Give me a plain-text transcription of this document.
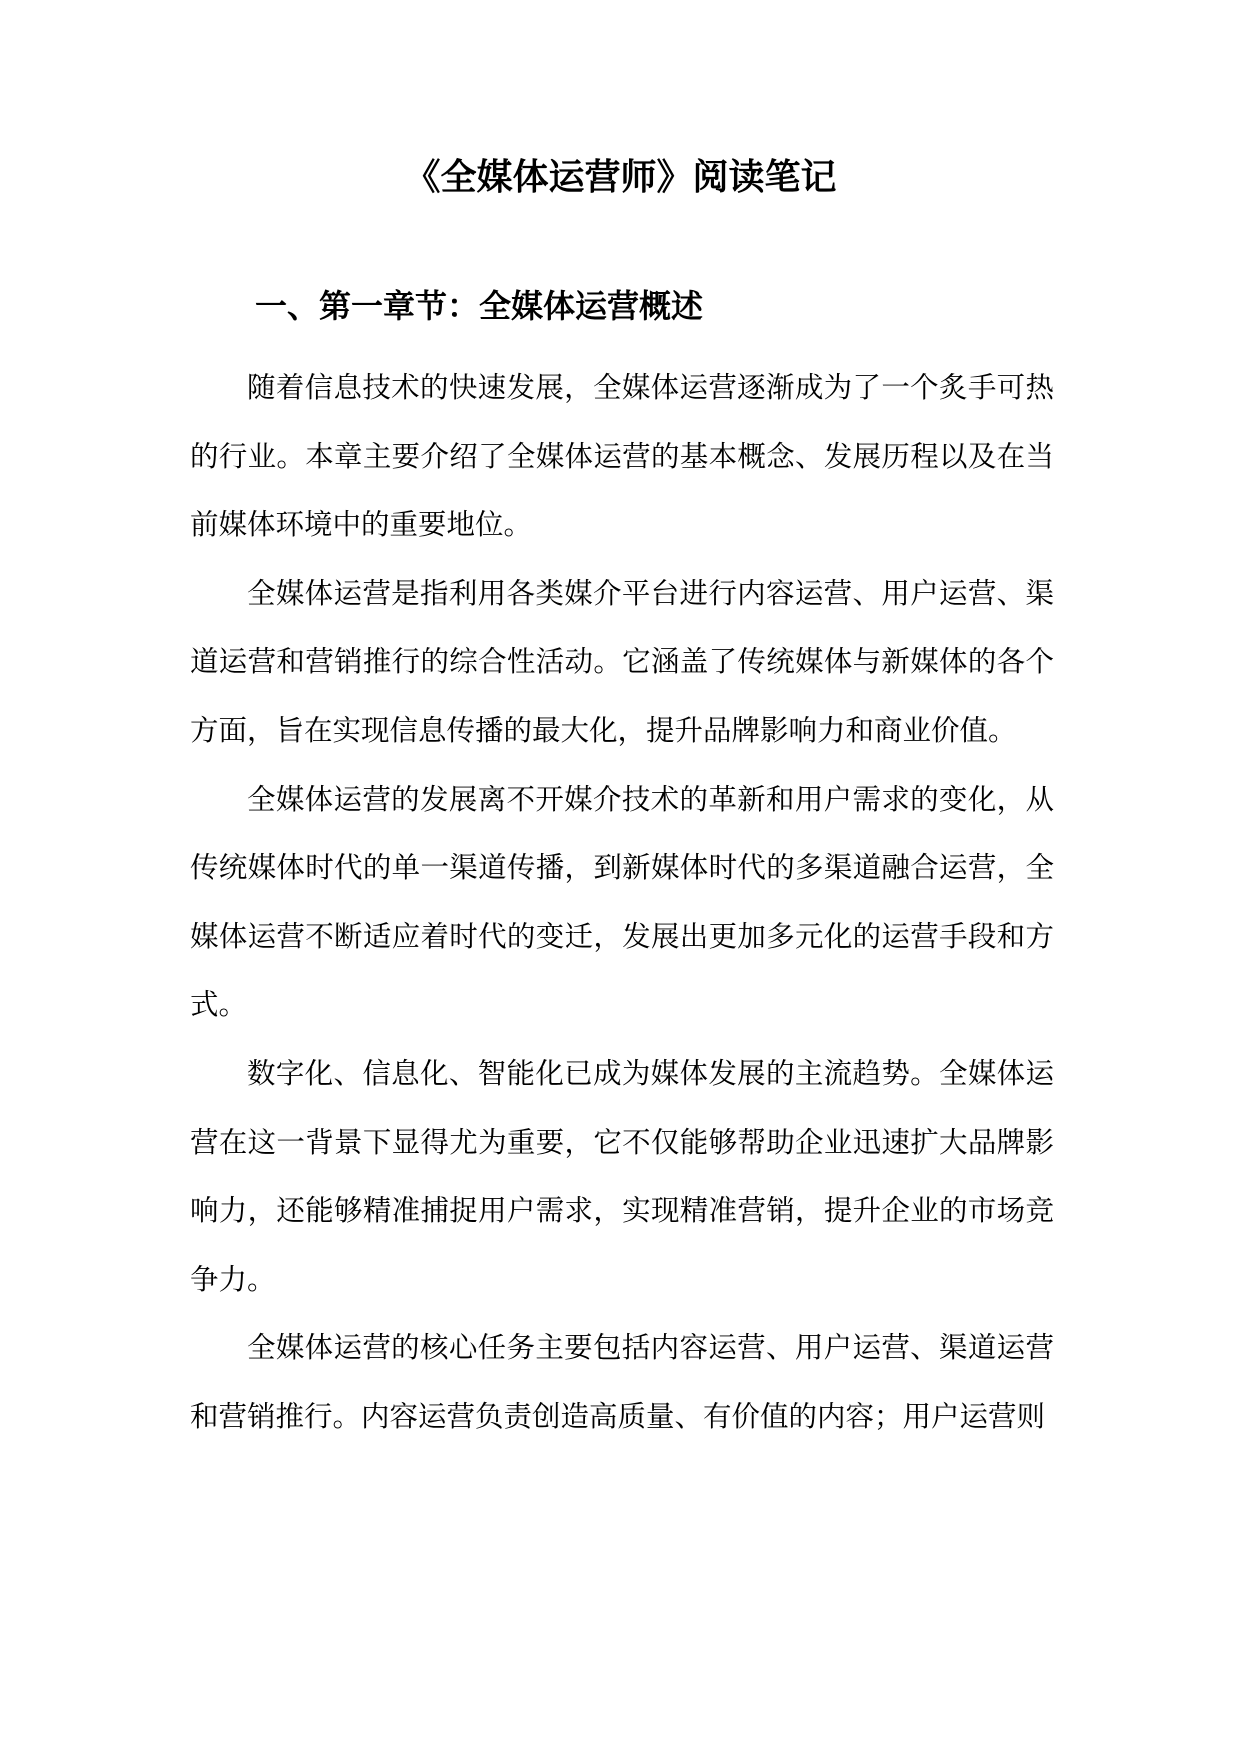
《全媒体运营师》阅读笔记
一、第一章节：全媒体运营概述

随着信息技术的快速发展，全媒体运营逐渐成为了一个炙手可热的行业。本章主要介绍了全媒体运营的基本概念、发展历程以及在当前媒体环境中的重要地位。

全媒体运营是指利用各类媒介平台进行内容运营、用户运营、渠道运营和营销推行的综合性活动。它涵盖了传统媒体与新媒体的各个方面，旨在实现信息传播的最大化，提升品牌影响力和商业价值。

全媒体运营的发展离不开媒介技术的革新和用户需求的变化，从传统媒体时代的单一渠道传播，到新媒体时代的多渠道融合运营，全媒体运营不断适应着时代的变迁，发展出更加多元化的运营手段和方式。

数字化、信息化、智能化已成为媒体发展的主流趋势。全媒体运营在这一背景下显得尤为重要，它不仅能够帮助企业迅速扩大品牌影响力，还能够精准捕捉用户需求，实现精准营销，提升企业的市场竞争力。

全媒体运营的核心任务主要包括内容运营、用户运营、渠道运营和营销推行。内容运营负责创造高质量、有价值的内容；用户运营则
